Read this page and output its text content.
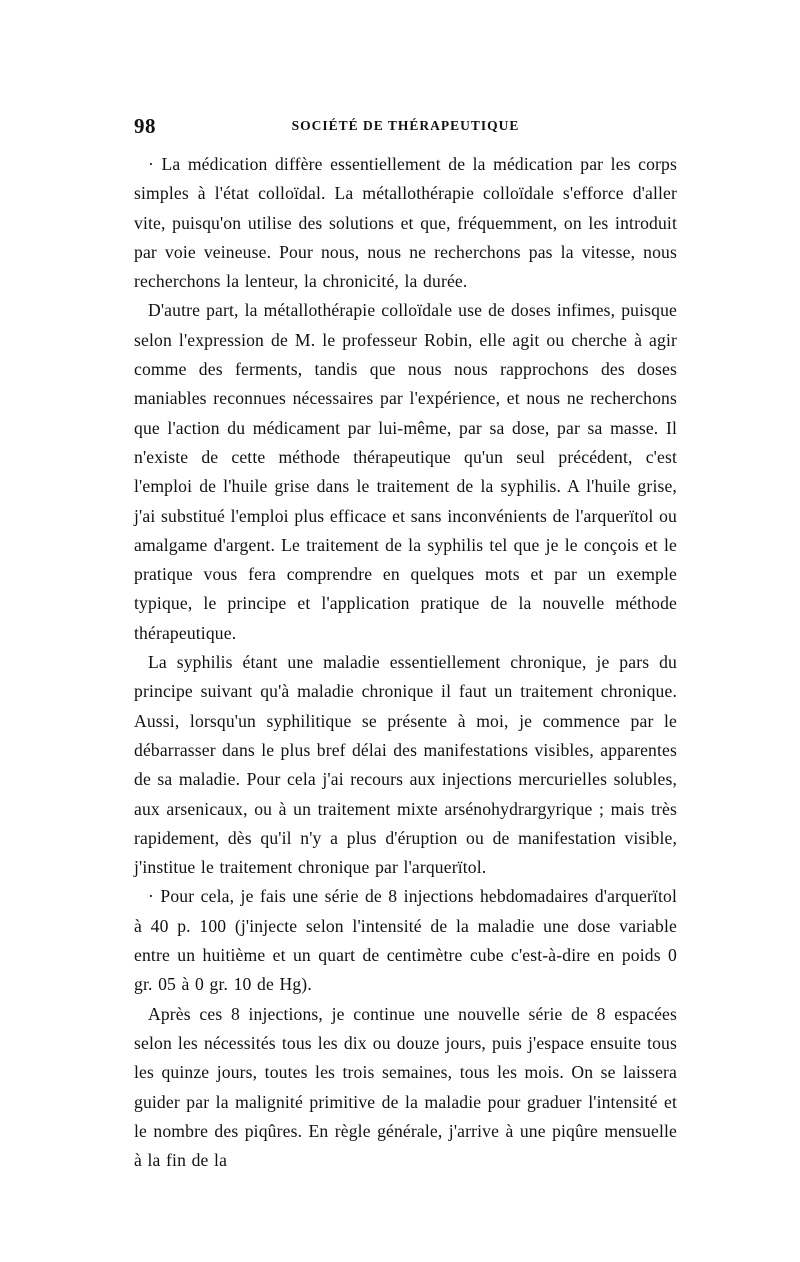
98	SOCIÉTÉ DE THÉRAPEUTIQUE

· La médication diffère essentiellement de la médication par les corps simples à l'état colloïdal. La métallothérapie colloïdale s'efforce d'aller vite, puisqu'on utilise des solutions et que, fréquemment, on les introduit par voie veineuse. Pour nous, nous ne recherchons pas la vitesse, nous recherchons la lenteur, la chronicité, la durée.

D'autre part, la métallothérapie colloïdale use de doses infimes, puisque selon l'expression de M. le professeur Robin, elle agit ou cherche à agir comme des ferments, tandis que nous nous rapprochons des doses maniables reconnues nécessaires par l'expérience, et nous ne recherchons que l'action du médicament par lui-même, par sa dose, par sa masse. Il n'existe de cette méthode thérapeutique qu'un seul précédent, c'est l'emploi de l'huile grise dans le traitement de la syphilis. A l'huile grise, j'ai substitué l'emploi plus efficace et sans inconvénients de l'arquerïtol ou amalgame d'argent. Le traitement de la syphilis tel que je le conçois et le pratique vous fera comprendre en quelques mots et par un exemple typique, le principe et l'application pratique de la nouvelle méthode thérapeutique.

La syphilis étant une maladie essentiellement chronique, je pars du principe suivant qu'à maladie chronique il faut un traitement chronique. Aussi, lorsqu'un syphilitique se présente à moi, je commence par le débarrasser dans le plus bref délai des manifestations visibles, apparentes de sa maladie. Pour cela j'ai recours aux injections mercurielles solubles, aux arsenicaux, ou à un traitement mixte arsénohydrargyrique ; mais très rapidement, dès qu'il n'y a plus d'éruption ou de manifestation visible, j'institue le traitement chronique par l'arquerïtol.

· Pour cela, je fais une série de 8 injections hebdomadaires d'arquerïtol à 40 p. 100 (j'injecte selon l'intensité de la maladie une dose variable entre un huitième et un quart de centimètre cube c'est-à-dire en poids 0 gr. 05 à 0 gr. 10 de Hg).

Après ces 8 injections, je continue une nouvelle série de 8 espacées selon les nécessités tous les dix ou douze jours, puis j'espace ensuite tous les quinze jours, toutes les trois semaines, tous les mois. On se laissera guider par la malignité primitive de la maladie pour graduer l'intensité et le nombre des piqûres. En règle générale, j'arrive à une piqûre mensuelle à la fin de la
